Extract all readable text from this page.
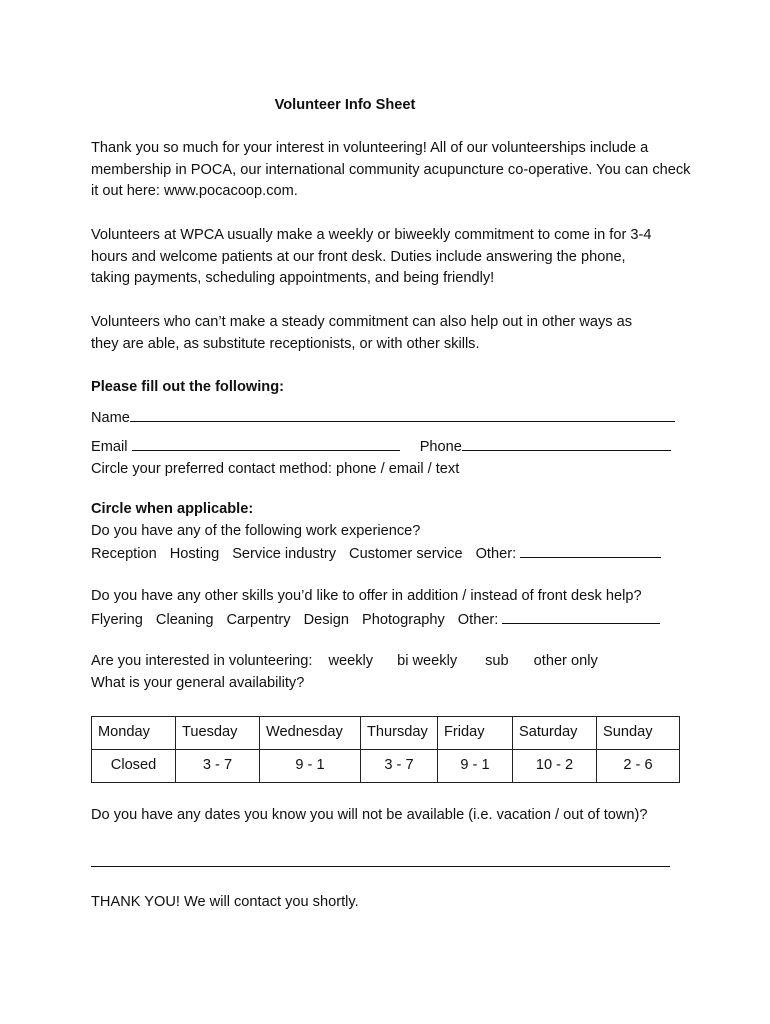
Volunteer Info Sheet
Thank you so much for your interest in volunteering! All of our volunteerships include a
membership in POCA, our international community acupuncture co-operative. You can check
it out here: www.pocacoop.com.
Volunteers at WPCA usually make a weekly or biweekly commitment to come in for 3-4
hours and welcome patients at our front desk. Duties include answering the phone,
taking payments, scheduling appointments, and being friendly!
Volunteers who can’t make a steady commitment can also help out in other ways as
they are able, as substitute receptionists, or with other skills.
Please fill out the following:
Name
Email	Phone
Circle your preferred contact method: phone / email / text
Circle when applicable:
Do you have any of the following work experience?
Reception Hosting Service industry Customer service Other:
Do you have any other skills you’d like to offer in addition / instead of front desk help?
Flyering Cleaning Carpentry Design Photography Other:
Are you interested in volunteering: weekly bi weekly sub other only
What is your general availability?
Monday	Tuesday	Wednesday	Thursday	Friday	Saturday	Sunday
Closed	3 - 7	9 - 1	3 - 7	9 - 1	10 - 2	2 - 6
Do you have any dates you know you will not be available (i.e. vacation / out of town)?
THANK YOU! We will contact you shortly.
